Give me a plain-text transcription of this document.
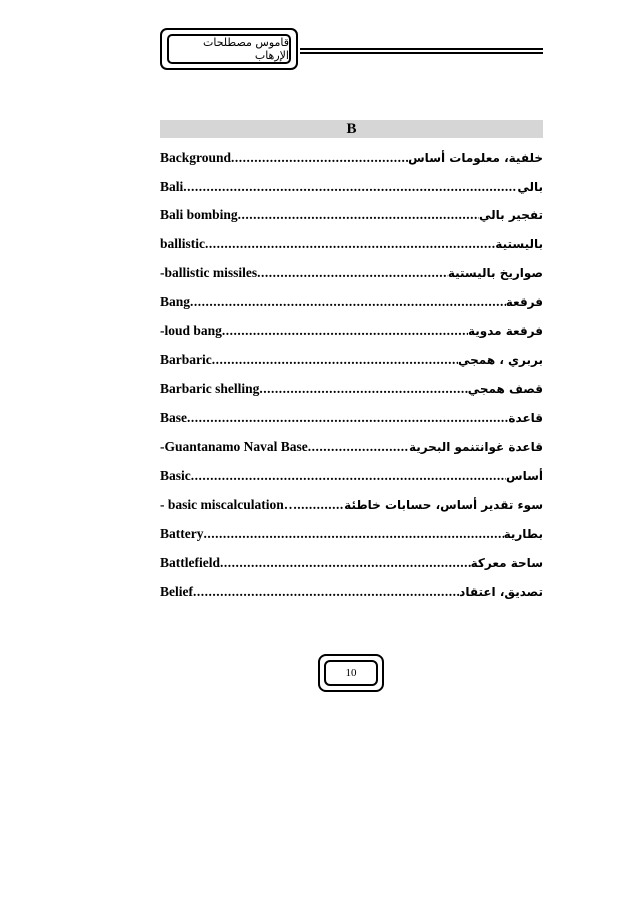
قاموس مصطلحات الإرهاب
B
Background .....	خلفية، معلومات أساس
Bali .....	بالي
Bali bombing .....	تفجير بالي
ballistic .....	باليستية
-ballistic missiles .....	صواريخ باليستية
Bang .....	فرقعة
-loud bang .....	فرقعة مدوية
Barbaric .....	بربري ، همجي
Barbaric shelling .....	قصف همجي
Base .....	قاعدة
-Guantanamo Naval Base .....	قاعدة غوانتنمو البحرية
Basic .....	أساس
- basic miscalculation… .....	سوء تقدير أساس، حسابات خاطئة
Battery .....	بطارية
Battlefield .....	ساحة معركة
Belief .....	تصديق، اعتقاد
10
